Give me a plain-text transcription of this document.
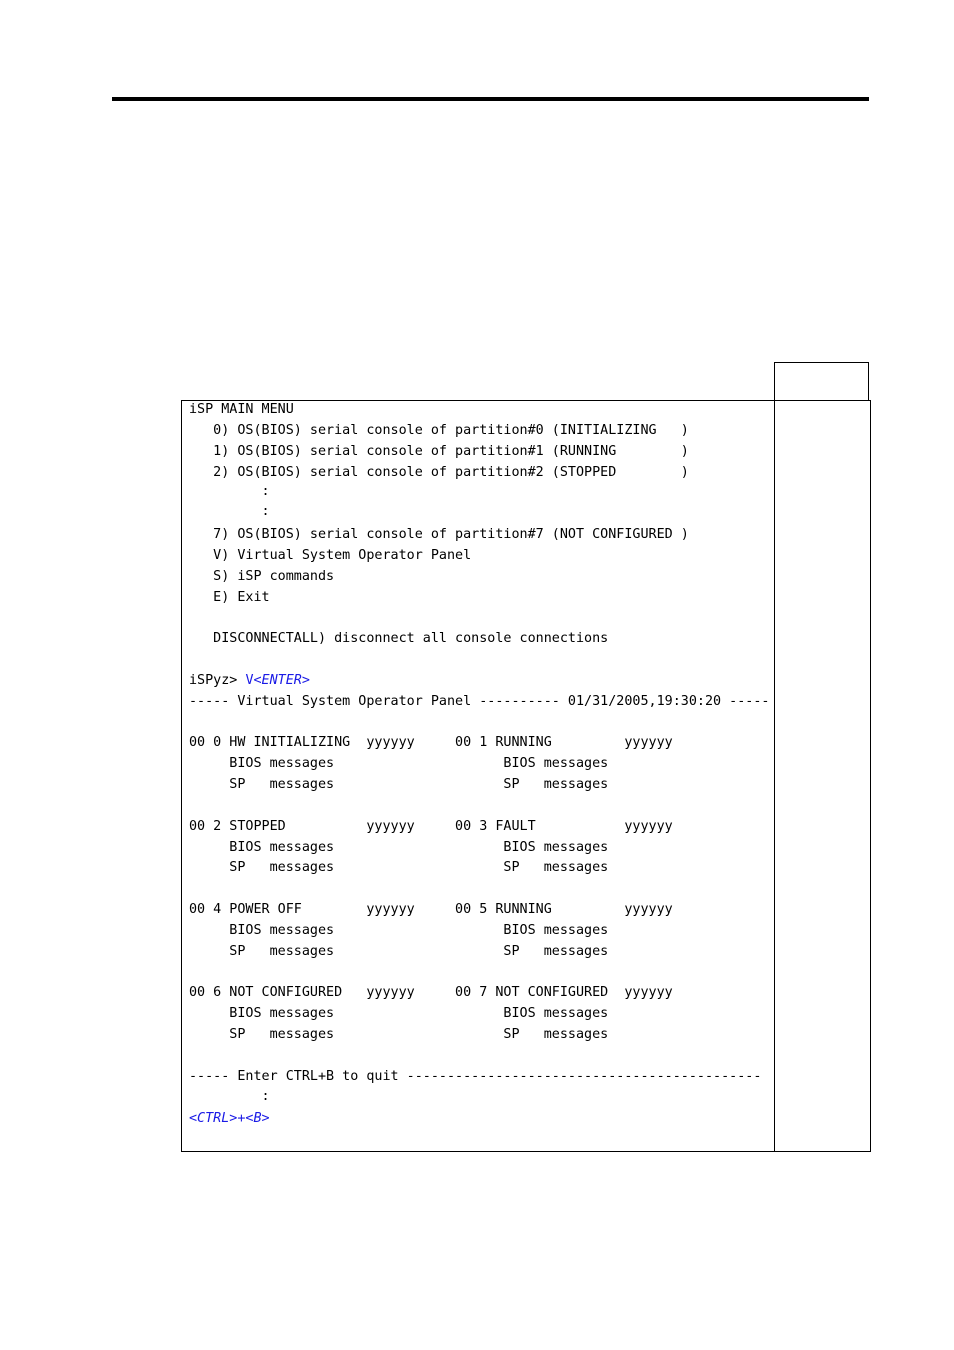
iSP MAIN MENU
0) OS(BIOS) serial console of partition#0 (INITIALIZING   )
1) OS(BIOS) serial console of partition#1 (RUNNING        )
2) OS(BIOS) serial console of partition#2 (STOPPED        )
:
:
7) OS(BIOS) serial console of partition#7 (NOT CONFIGURED )
V) Virtual System Operator Panel
S) iSP commands
E) Exit
DISCONNECTALL) disconnect all console connections
iSPyz> V<ENTER>
----- Virtual System Operator Panel ---------- 01/31/2005,19:30:20 -----
00 0 HW INITIALIZING  yyyyyy     00 1 RUNNING         yyyyyy
BIOS messages                     BIOS messages
SP   messages                     SP   messages
00 2 STOPPED          yyyyyy     00 3 FAULT           yyyyyy
BIOS messages                     BIOS messages
SP   messages                     SP   messages
00 4 POWER OFF        yyyyyy     00 5 RUNNING         yyyyyy
BIOS messages                     BIOS messages
SP   messages                     SP   messages
00 6 NOT CONFIGURED   yyyyyy     00 7 NOT CONFIGURED  yyyyyy
BIOS messages                     BIOS messages
SP   messages                     SP   messages
----- Enter CTRL+B to quit --------------------------------------------
:
<CTRL>+<B>
